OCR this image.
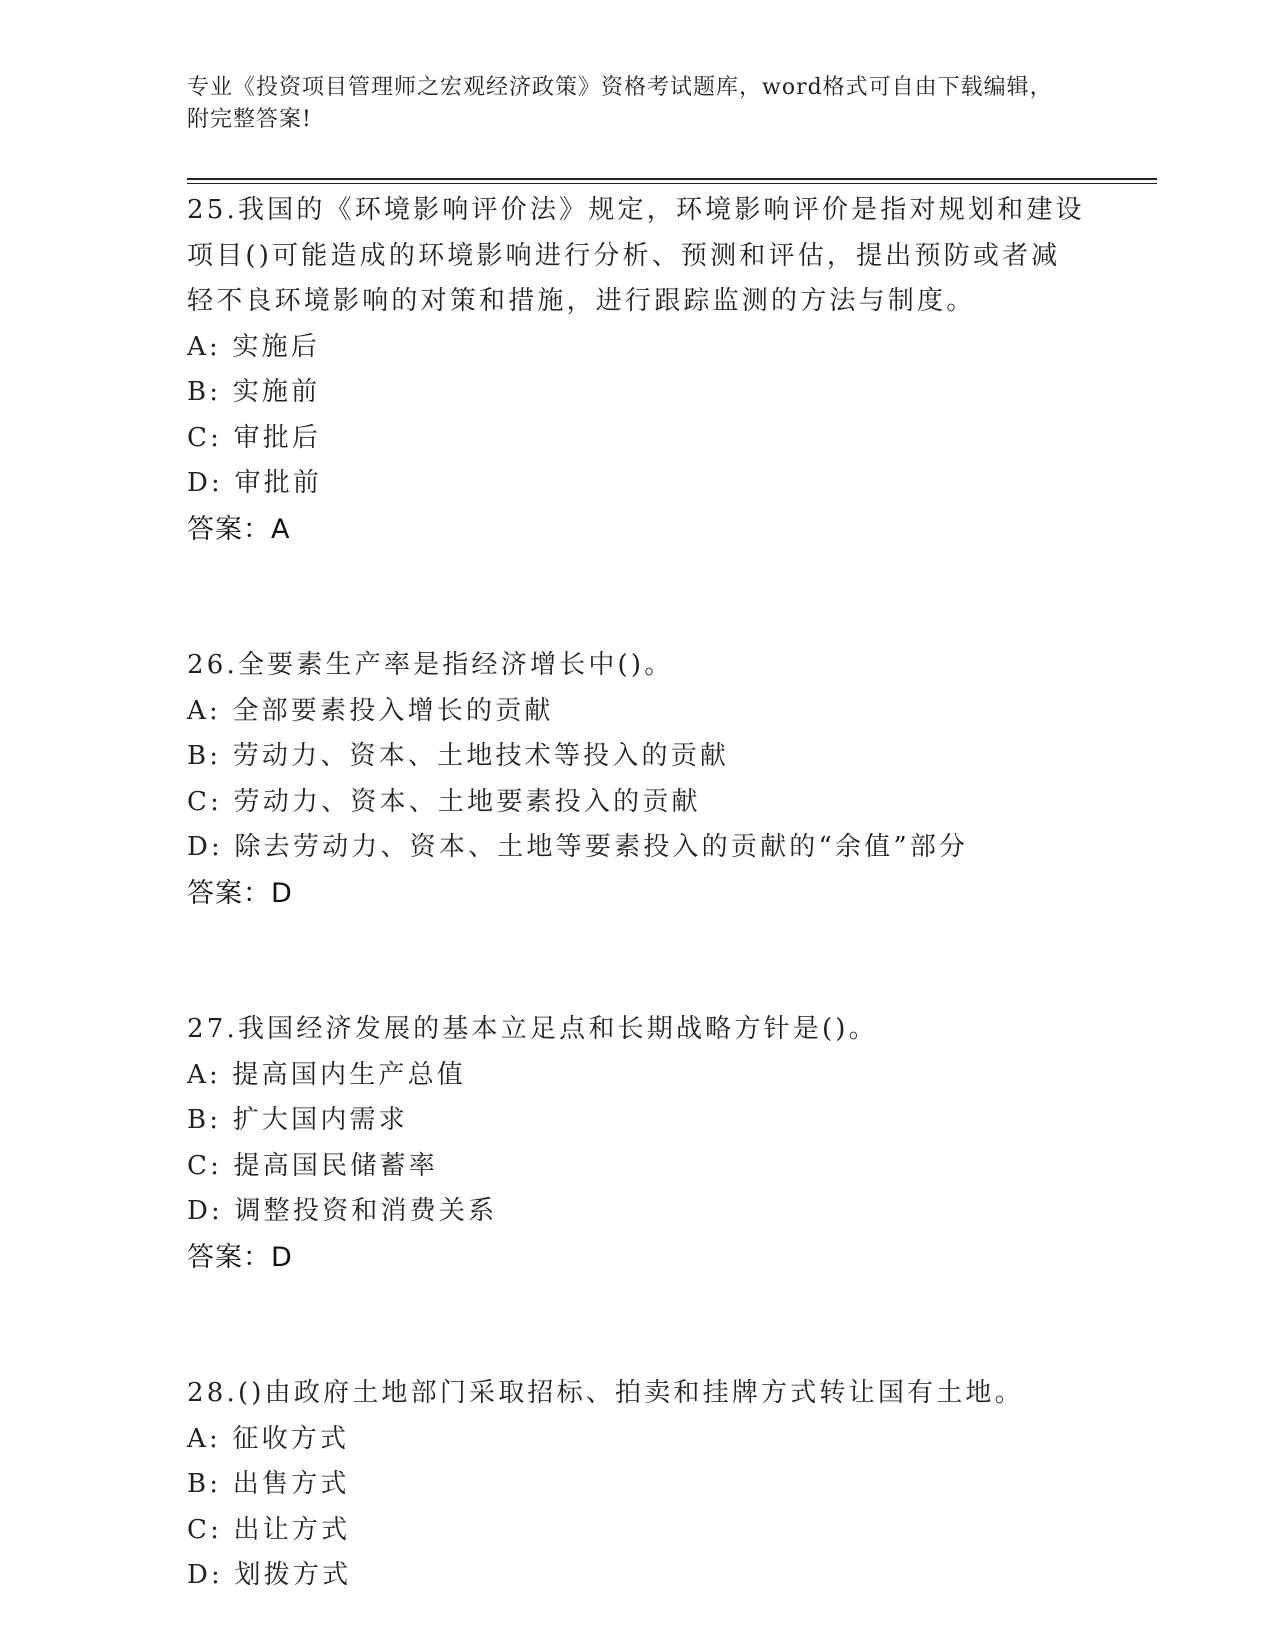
专业《投资项目管理师之宏观经济政策》资格考试题库，word格式可自由下载编辑，附完整答案!

25.我国的《环境影响评价法》规定，环境影响评价是指对规划和建设

项目()可能造成的环境影响进行分析、预测和评估，提出预防或者减

轻不良环境影响的对策和措施，进行跟踪监测的方法与制度。

A: 实施后

B: 实施前

C: 审批后

D: 审批前

答案：A

26.全要素生产率是指经济增长中()。

A: 全部要素投入增长的贡献

B: 劳动力、资本、土地技术等投入的贡献

C: 劳动力、资本、土地要素投入的贡献

D: 除去劳动力、资本、土地等要素投入的贡献的“余值”部分

答案：D

27.我国经济发展的基本立足点和长期战略方针是()。

A: 提高国内生产总值

B: 扩大国内需求

C: 提高国民储蓄率

D: 调整投资和消费关系

答案：D

28.()由政府土地部门采取招标、拍卖和挂牌方式转让国有土地。

A: 征收方式

B: 出售方式

C: 出让方式

D: 划拨方式
